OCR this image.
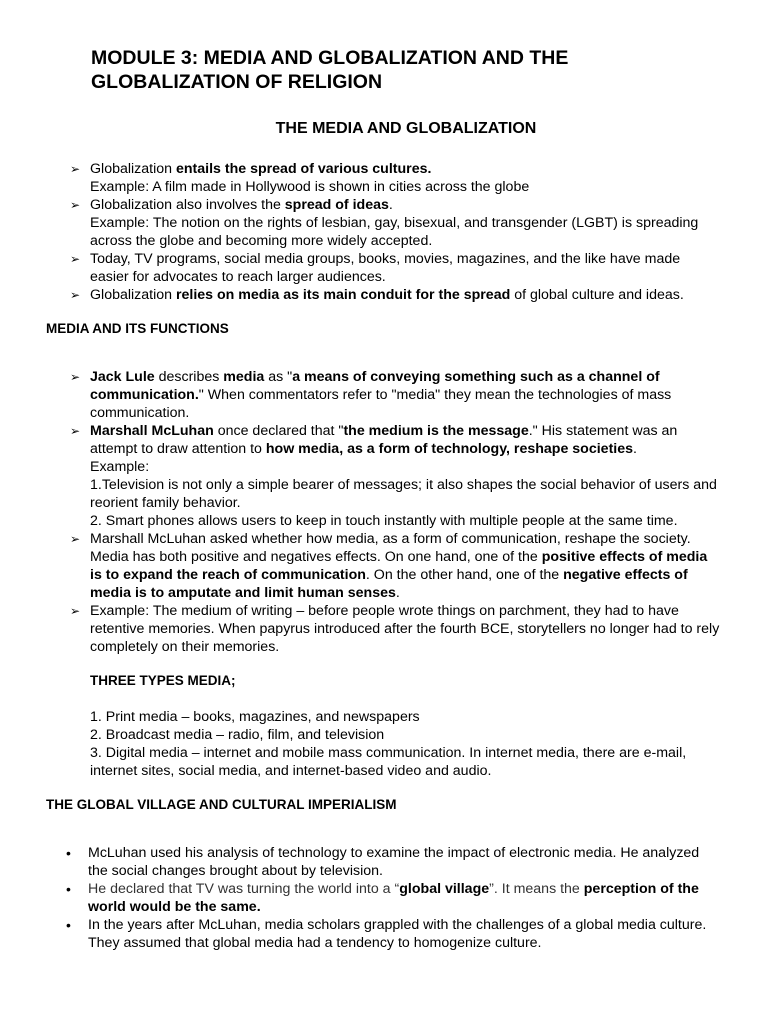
MODULE 3: MEDIA AND GLOBALIZATION AND THE GLOBALIZATION OF RELIGION
THE MEDIA AND GLOBALIZATION
➢ Globalization entails the spread of various cultures.
Example: A film made in Hollywood is shown in cities across the globe
➢ Globalization also involves the spread of ideas.
Example: The notion on the rights of lesbian, gay, bisexual, and transgender (LGBT) is spreading across the globe and becoming more widely accepted.
➢ Today, TV programs, social media groups, books, movies, magazines, and the like have made easier for advocates to reach larger audiences.
➢ Globalization relies on media as its main conduit for the spread of global culture and ideas.
MEDIA AND ITS FUNCTIONS
➢ Jack Lule describes media as "a means of conveying something such as a channel of communication." When commentators refer to "media" they mean the technologies of mass communication.
➢ Marshall McLuhan once declared that "the medium is the message." His statement was an attempt to draw attention to how media, as a form of technology, reshape societies.
Example:
1.Television is not only a simple bearer of messages; it also shapes the social behavior of users and reorient family behavior.
2. Smart phones allows users to keep in touch instantly with multiple people at the same time.
➢ Marshall McLuhan asked whether how media, as a form of communication, reshape the society. Media has both positive and negatives effects. On one hand, one of the positive effects of media is to expand the reach of communication. On the other hand, one of the negative effects of media is to amputate and limit human senses.
➢ Example: The medium of writing – before people wrote things on parchment, they had to have retentive memories. When papyrus introduced after the fourth BCE, storytellers no longer had to rely completely on their memories.
THREE TYPES MEDIA;
1. Print media – books, magazines, and newspapers
2. Broadcast media – radio, film, and television
3. Digital media – internet and mobile mass communication. In internet media, there are e-mail, internet sites, social media, and internet-based video and audio.
THE GLOBAL VILLAGE AND CULTURAL IMPERIALISM
• McLuhan used his analysis of technology to examine the impact of electronic media. He analyzed the social changes brought about by television.
• He declared that TV was turning the world into a “global village”. It means the perception of the world would be the same.
• In the years after McLuhan, media scholars grappled with the challenges of a global media culture. They assumed that global media had a tendency to homogenize culture.
